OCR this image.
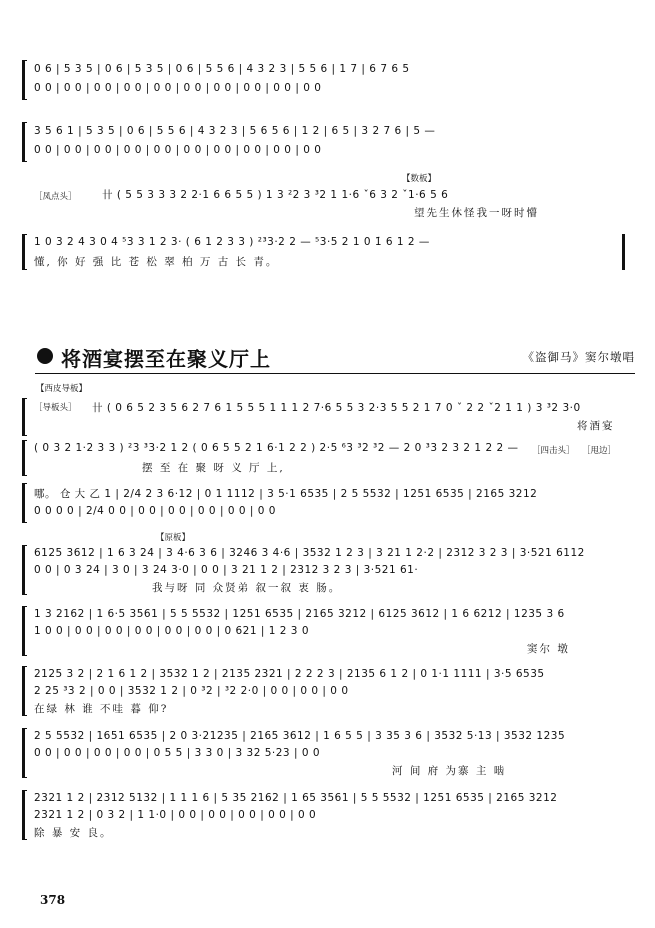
0 6 | 5 3 5 | 0 6 | 5 3 5 | 0 6 | 5 5 6 | 4 3 2 3 | 5 5 6 | 1 7 | 6 7 6 5
0 0 | 0 0 | 0 0 | 0 0 | 0 0 | 0 0 | 0 0 | 0 0 | 0 0 | 0 0
3 5 6 1 | 5 3 5 | 0 6 | 5 5 6 | 4 3 2 3 | 5 6 5 6 | 1 2 | 6 5 | 3 2 7 6 | 5 —
0 0 | 0 0 | 0 0 | 0 0 | 0 0 | 0 0 | 0 0 | 0 0 | 0 0 | 0 0
【数板】
［凤点头］ 卄 ( 5 5 3 3 3 2 2·1 6 6 5 5 ) 1 3 ²2 3 ³2 1 1·6 ˇ6 3 2 ˇ1·6 5 6
望先生休怪我一呀时懵
1 0 3 2 4 3 0 4 ⁵3 3 1 2 3· ( 6 1 2 3 3 ) ²³3·2 2 — ⁵3·5 2 1 0 1̇ 6 1 2 —
懂, 你 好 强 比 苍 松 翠 柏 万 古 长 青。
将酒宴摆至在聚义厅上	《盗御马》窦尔墩唱
【西皮导板】
［导板头］ 卄 ( 0 6 5 2 3 5 6 2 7 6 1 5 5 5 1 1 1 2 7·6 5 5 3 2·3 5 5 2 1 7 0 ˇ 2 2 ˇ2 1 1 ) 3 ³2 3·0
将酒宴
( 0 3 2 1·2 3 3 ) ²3 ³3·2 1 2 ( 0 6 5 5 2 1 6·1 2 2 ) 2·5 ⁶3 ³2 ³2 — 2 0 ³3 2 3 2 1 2 2 —	［四击头］ ［甩边］
摆 至 在 聚 呀 义 厅 上,
哪。 仓 大 乙 1 | 2/4 2 3 6·12 | 0 1 1112 | 3 5·1 6535 | 2 5 5532 | 1251 6535 | 2165 3212
0 0 0 0 | 2/4 0 0 | 0 0 | 0 0 | 0 0 | 0 0 | 0 0
【原板】
6125 3612 | 1 6 3 24 | 3 4·6 3 6 | 3246 3 4·6 | 3532 1 2 3 | 3 21 1 2·2 | 2312 3 2 3 | 3·521 6112
0 0 | 0 3 24 | 3 0 | 3 24 3·0 | 0 0 | 3 21 1 2 | 2312 3 2 3 | 3·521 61·
我与呀 同 众贤弟 叙一叙 衷 肠。
1 3 2162 | 1 6·5 3561 | 5 5 5532 | 1251 6535 | 2165 3212 | 6125 3612 | 1 6 6212 | 1235 3 6
1 0 0 | 0 0 | 0 0 | 0 0 | 0 0 | 0 0 | 0 621 | 1 2 3 0
窦尔 墩
2125 3 2 | 2 1 6 1 2 | 3532 1 2 | 2135 2321 | 2 2 2 3 | 2135 6 1 2 | 0 1·1 1111 | 3·5 6535
2 25 ³3 2 | 0 0 | 3532 1 2 | 0 ³2 | ³2 2·0 | 0 0 | 0 0 | 0 0
在绿 林 谁 不哇 暮 仰?
2 5 5532 | 1651 6535 | 2 0 3·21235 | 2165 3612 | 1 6 5 5 | 3 35 3 6 | 3532 5·13 | 3532 1235
0 0 | 0 0 | 0 0 | 0 0 | 0 5 5 | 3 3 0 | 3 32 5·23 | 0 0
河 间 府 为寨 主 啮
2321 1 2 | 2312 5132 | 1 1 1 6 | 5 35 2162 | 1 65 3561 | 5 5 5532 | 1251 6535 | 2165 3212
2321 1 2 | 0 3 2 | 1 1·0 | 0 0 | 0 0 | 0 0 | 0 0 | 0 0
除 暴 安 良。
378
